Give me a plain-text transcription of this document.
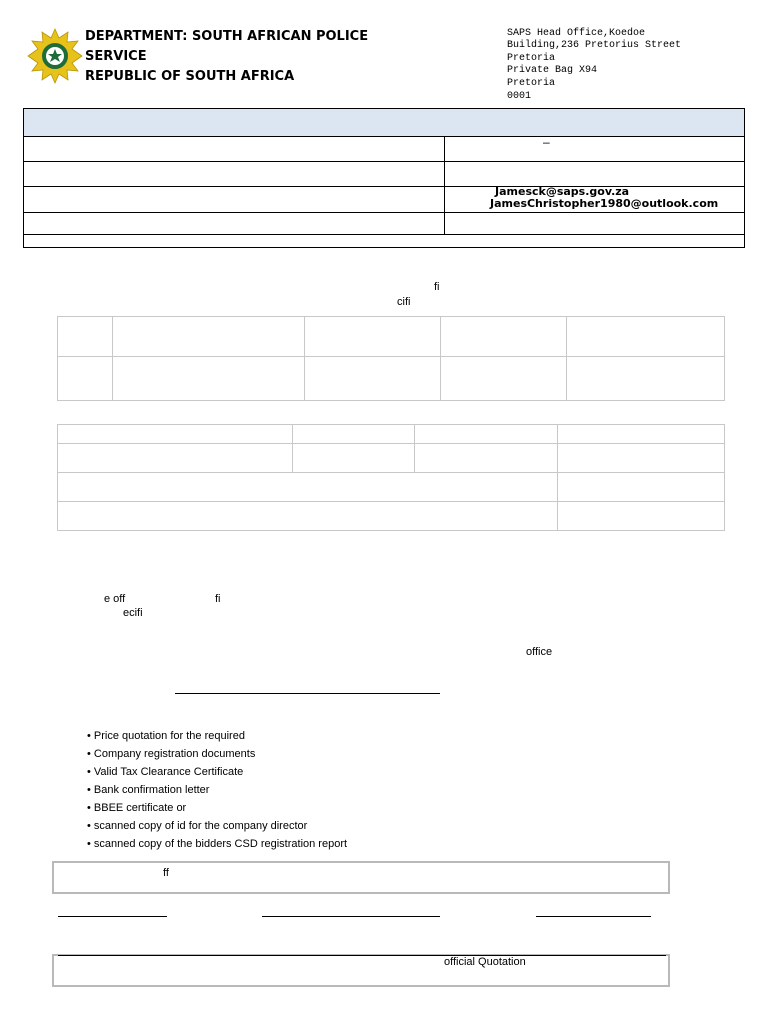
DEPARTMENT: SOUTH AFRICAN POLICE
SERVICE
REPUBLIC OF SOUTH AFRICA
SAPS Head Office,Koedoe
Building,236 Pretorius Street
Pretoria
Private Bag X94
Pretoria
0001
–
Jamesck@saps.gov.za
JamesChristopher1980@outlook.com
fi
cifi
e off	fi
ecifi
office
• Price quotation for the required
• Company registration documents
• Valid Tax Clearance Certificate
• Bank confirmation letter
• BBEE certificate or
• scanned copy of id for the company director
• scanned copy of the bidders CSD registration report
ff
official Quotation
